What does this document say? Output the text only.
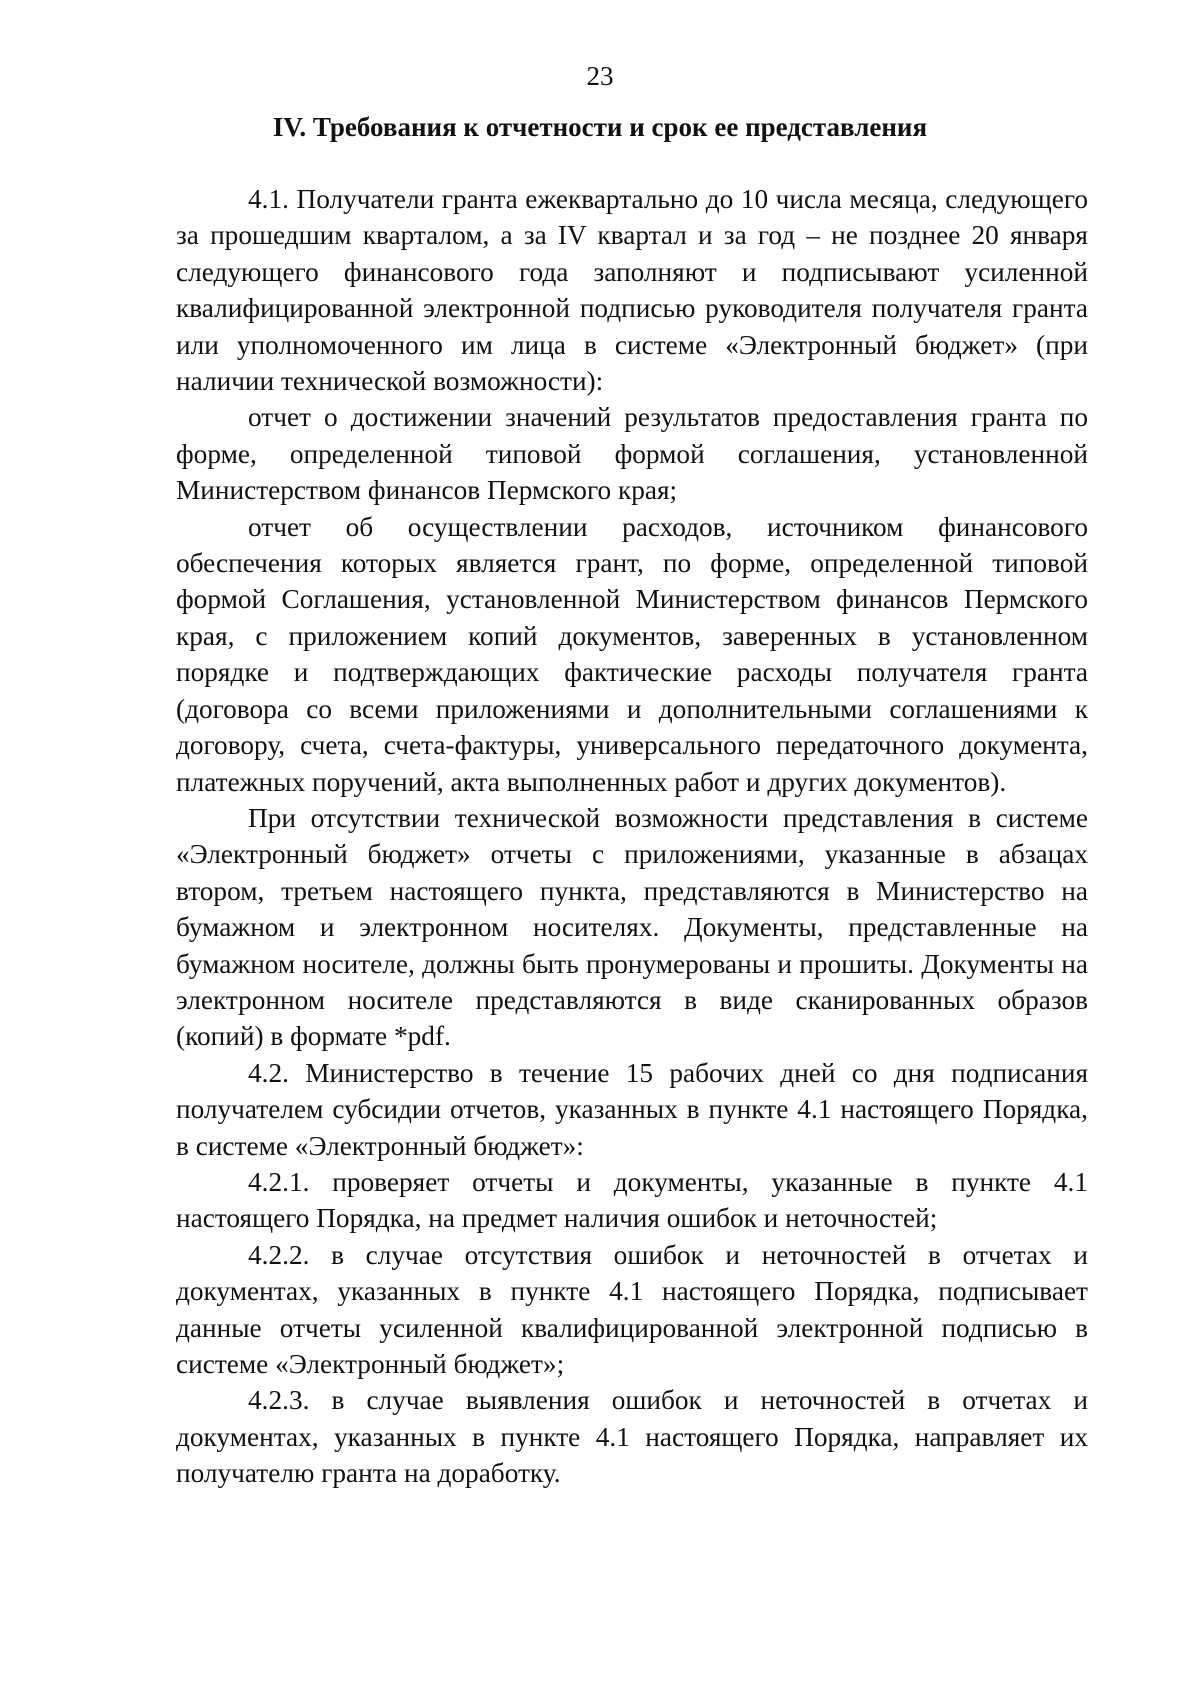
23
IV. Требования к отчетности и срок ее представления

4.1. Получатели гранта ежеквартально до 10 числа месяца, следующего за прошедшим кварталом, а за IV квартал и за год – не позднее 20 января следующего финансового года заполняют и подписывают усиленной квалифицированной электронной подписью руководителя получателя гранта или уполномоченного им лица в системе «Электронный бюджет» (при наличии технической возможности):

отчет о достижении значений результатов предоставления гранта по форме, определенной типовой формой соглашения, установленной Министерством финансов Пермского края;

отчет об осуществлении расходов, источником финансового обеспечения которых является грант, по форме, определенной типовой формой Соглашения, установленной Министерством финансов Пермского края, с приложением копий документов, заверенных в установленном порядке и подтверждающих фактические расходы получателя гранта (договора со всеми приложениями и дополнительными соглашениями к договору, счета, счета-фактуры, универсального передаточного документа, платежных поручений, акта выполненных работ и других документов).

При отсутствии технической возможности представления в системе «Электронный бюджет» отчеты с приложениями, указанные в абзацах втором, третьем настоящего пункта, представляются в Министерство на бумажном и электронном носителях. Документы, представленные на бумажном носителе, должны быть пронумерованы и прошиты. Документы на электронном носителе представляются в виде сканированных образов (копий) в формате *pdf.

4.2. Министерство в течение 15 рабочих дней со дня подписания получателем субсидии отчетов, указанных в пункте 4.1 настоящего Порядка, в системе «Электронный бюджет»:

4.2.1. проверяет отчеты и документы, указанные в пункте 4.1 настоящего Порядка, на предмет наличия ошибок и неточностей;

4.2.2. в случае отсутствия ошибок и неточностей в отчетах и документах, указанных в пункте 4.1 настоящего Порядка, подписывает данные отчеты усиленной квалифицированной электронной подписью в системе «Электронный бюджет»;

4.2.3. в случае выявления ошибок и неточностей в отчетах и документах, указанных в пункте 4.1 настоящего Порядка, направляет их получателю гранта на доработку.
